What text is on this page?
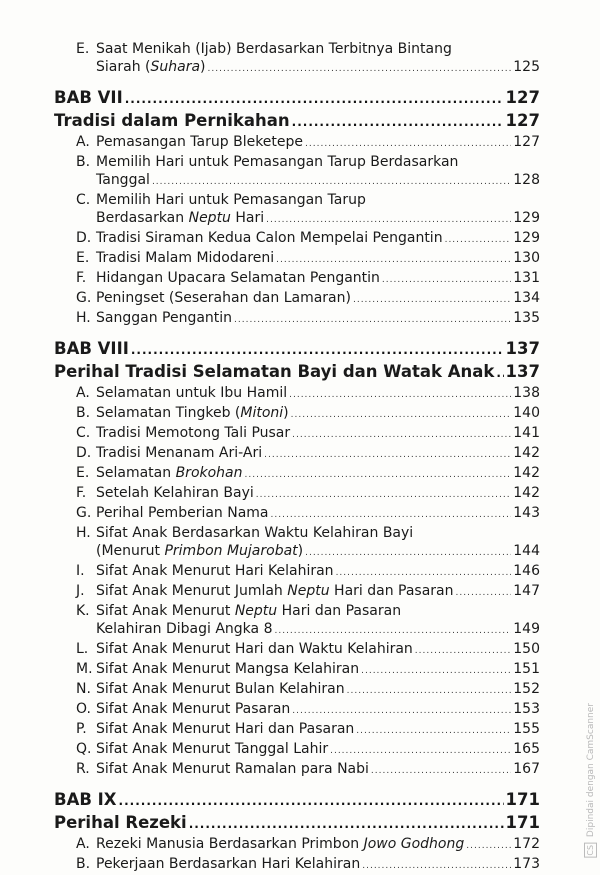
E. Saat Menikah (Ijab) Berdasarkan Terbitnya Bintang
Siarah (Suhara) .....	125
BAB VII .....	127
Tradisi dalam Pernikahan .....	127
A. Pemasangan Tarup Bleketepe .....	127
B. Memilih Hari untuk Pemasangan Tarup Berdasarkan
Tanggal .....	128
C. Memilih Hari untuk Pemasangan Tarup
Berdasarkan Neptu Hari .....	129
D. Tradisi Siraman Kedua Calon Mempelai Pengantin .....	129
E. Tradisi Malam Midodareni .....	130
F. Hidangan Upacara Selamatan Pengantin .....	131
G. Peningset (Seserahan dan Lamaran) .....	134
H. Sanggan Pengantin .....	135
BAB VIII .....	137
Perihal Tradisi Selamatan Bayi dan Watak Anak ..... 137
A. Selamatan untuk Ibu Hamil .....	138
B. Selamatan Tingkeb (Mitoni) .....	140
C. Tradisi Memotong Tali Pusar .....	141
D. Tradisi Menanam Ari-Ari .....	142
E. Selamatan Brokohan .....	142
F. Setelah Kelahiran Bayi .....	142
G. Perihal Pemberian Nama .....	143
H. Sifat Anak Berdasarkan Waktu Kelahiran Bayi
(Menurut Primbon Mujarobat) .....	144
I. Sifat Anak Menurut Hari Kelahiran .....	146
J. Sifat Anak Menurut Jumlah Neptu Hari dan Pasaran .....	147
K. Sifat Anak Menurut Neptu Hari dan Pasaran
Kelahiran Dibagi Angka 8 .....	149
L. Sifat Anak Menurut Hari dan Waktu Kelahiran .....	150
M. Sifat Anak Menurut Mangsa Kelahiran .....	151
N. Sifat Anak Menurut Bulan Kelahiran .....	152
O. Sifat Anak Menurut Pasaran .....	153
P. Sifat Anak Menurut Hari dan Pasaran .....	155
Q. Sifat Anak Menurut Tanggal Lahir .....	165
R. Sifat Anak Menurut Ramalan para Nabi .....	167
BAB IX .....	171
Perihal Rezeki .....	171
A. Rezeki Manusia Berdasarkan Primbon Jowo Godhong .....	172
B. Pekerjaan Berdasarkan Hari Kelahiran .....	173
CS Dipindai dengan CamScanner
